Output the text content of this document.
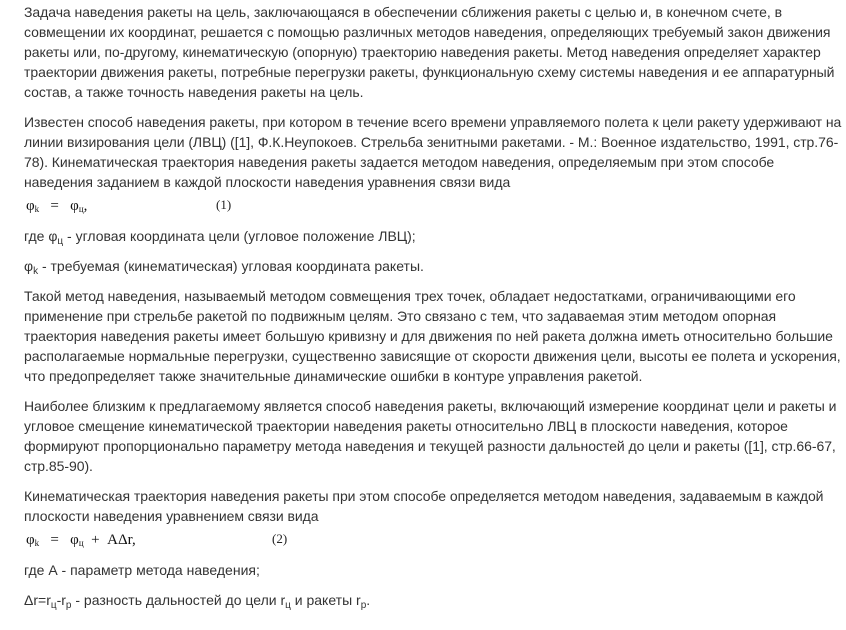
Задача наведения ракеты на цель, заключающаяся в обеспечении сближения ракеты с целью и, в конечном счете, в
совмещении их координат, решается с помощью различных методов наведения, определяющих требуемый закон движения
ракеты или, по-другому, кинематическую (опорную) траекторию наведения ракеты. Метод наведения определяет характер
траектории движения ракеты, потребные перегрузки ракеты, функциональную схему системы наведения и ее аппаратурный
состав, а также точность наведения ракеты на цель.

Известен способ наведения ракеты, при котором в течение всего времени управляемого полета к цели ракету удерживают на
линии визирования цели (ЛВЦ) ([1], Ф.К.Неупокоев. Стрельба зенитными ракетами. - М.: Военное издательство, 1991, стр.76-
78). Кинематическая траектория наведения ракеты задается методом наведения, определяемым при этом способе
наведения заданием в каждой плоскости наведения уравнения связи вида

$\varphi_k = \varphi_ц$,	(1)

где $\varphi_ц$ - угловая координата цели (угловое положение ЛВЦ);

$\varphi_k$ - требуемая (кинематическая) угловая координата ракеты.

Такой метод наведения, называемый методом совмещения трех точек, обладает недостатками, ограничивающими его
применение при стрельбе ракетой по подвижным целям. Это связано с тем, что задаваемая этим методом опорная
траектория наведения ракеты имеет большую кривизну и для движения по ней ракета должна иметь относительно большие
располагаемые нормальные перегрузки, существенно зависящие от скорости движения цели, высоты ее полета и ускорения,
что предопределяет также значительные динамические ошибки в контуре управления ракетой.

Наиболее близким к предлагаемому является способ наведения ракеты, включающий измерение координат цели и ракеты и
угловое смещение кинематической траектории наведения ракеты относительно ЛВЦ в плоскости наведения, которое
формируют пропорционально параметру метода наведения и текущей разности дальностей до цели и ракеты ([1], стр.66-67,
стр.85-90).

Кинематическая траектория наведения ракеты при этом способе определяется методом наведения, задаваемым в каждой
плоскости наведения уравнением связи вида

$\varphi_k = \varphi_ц + A\Delta r$,	(2)

где А - параметр метода наведения;

$\Delta r=r_ц-r_р$ - разность дальностей до цели $r_ц$ и ракеты $r_р$.
